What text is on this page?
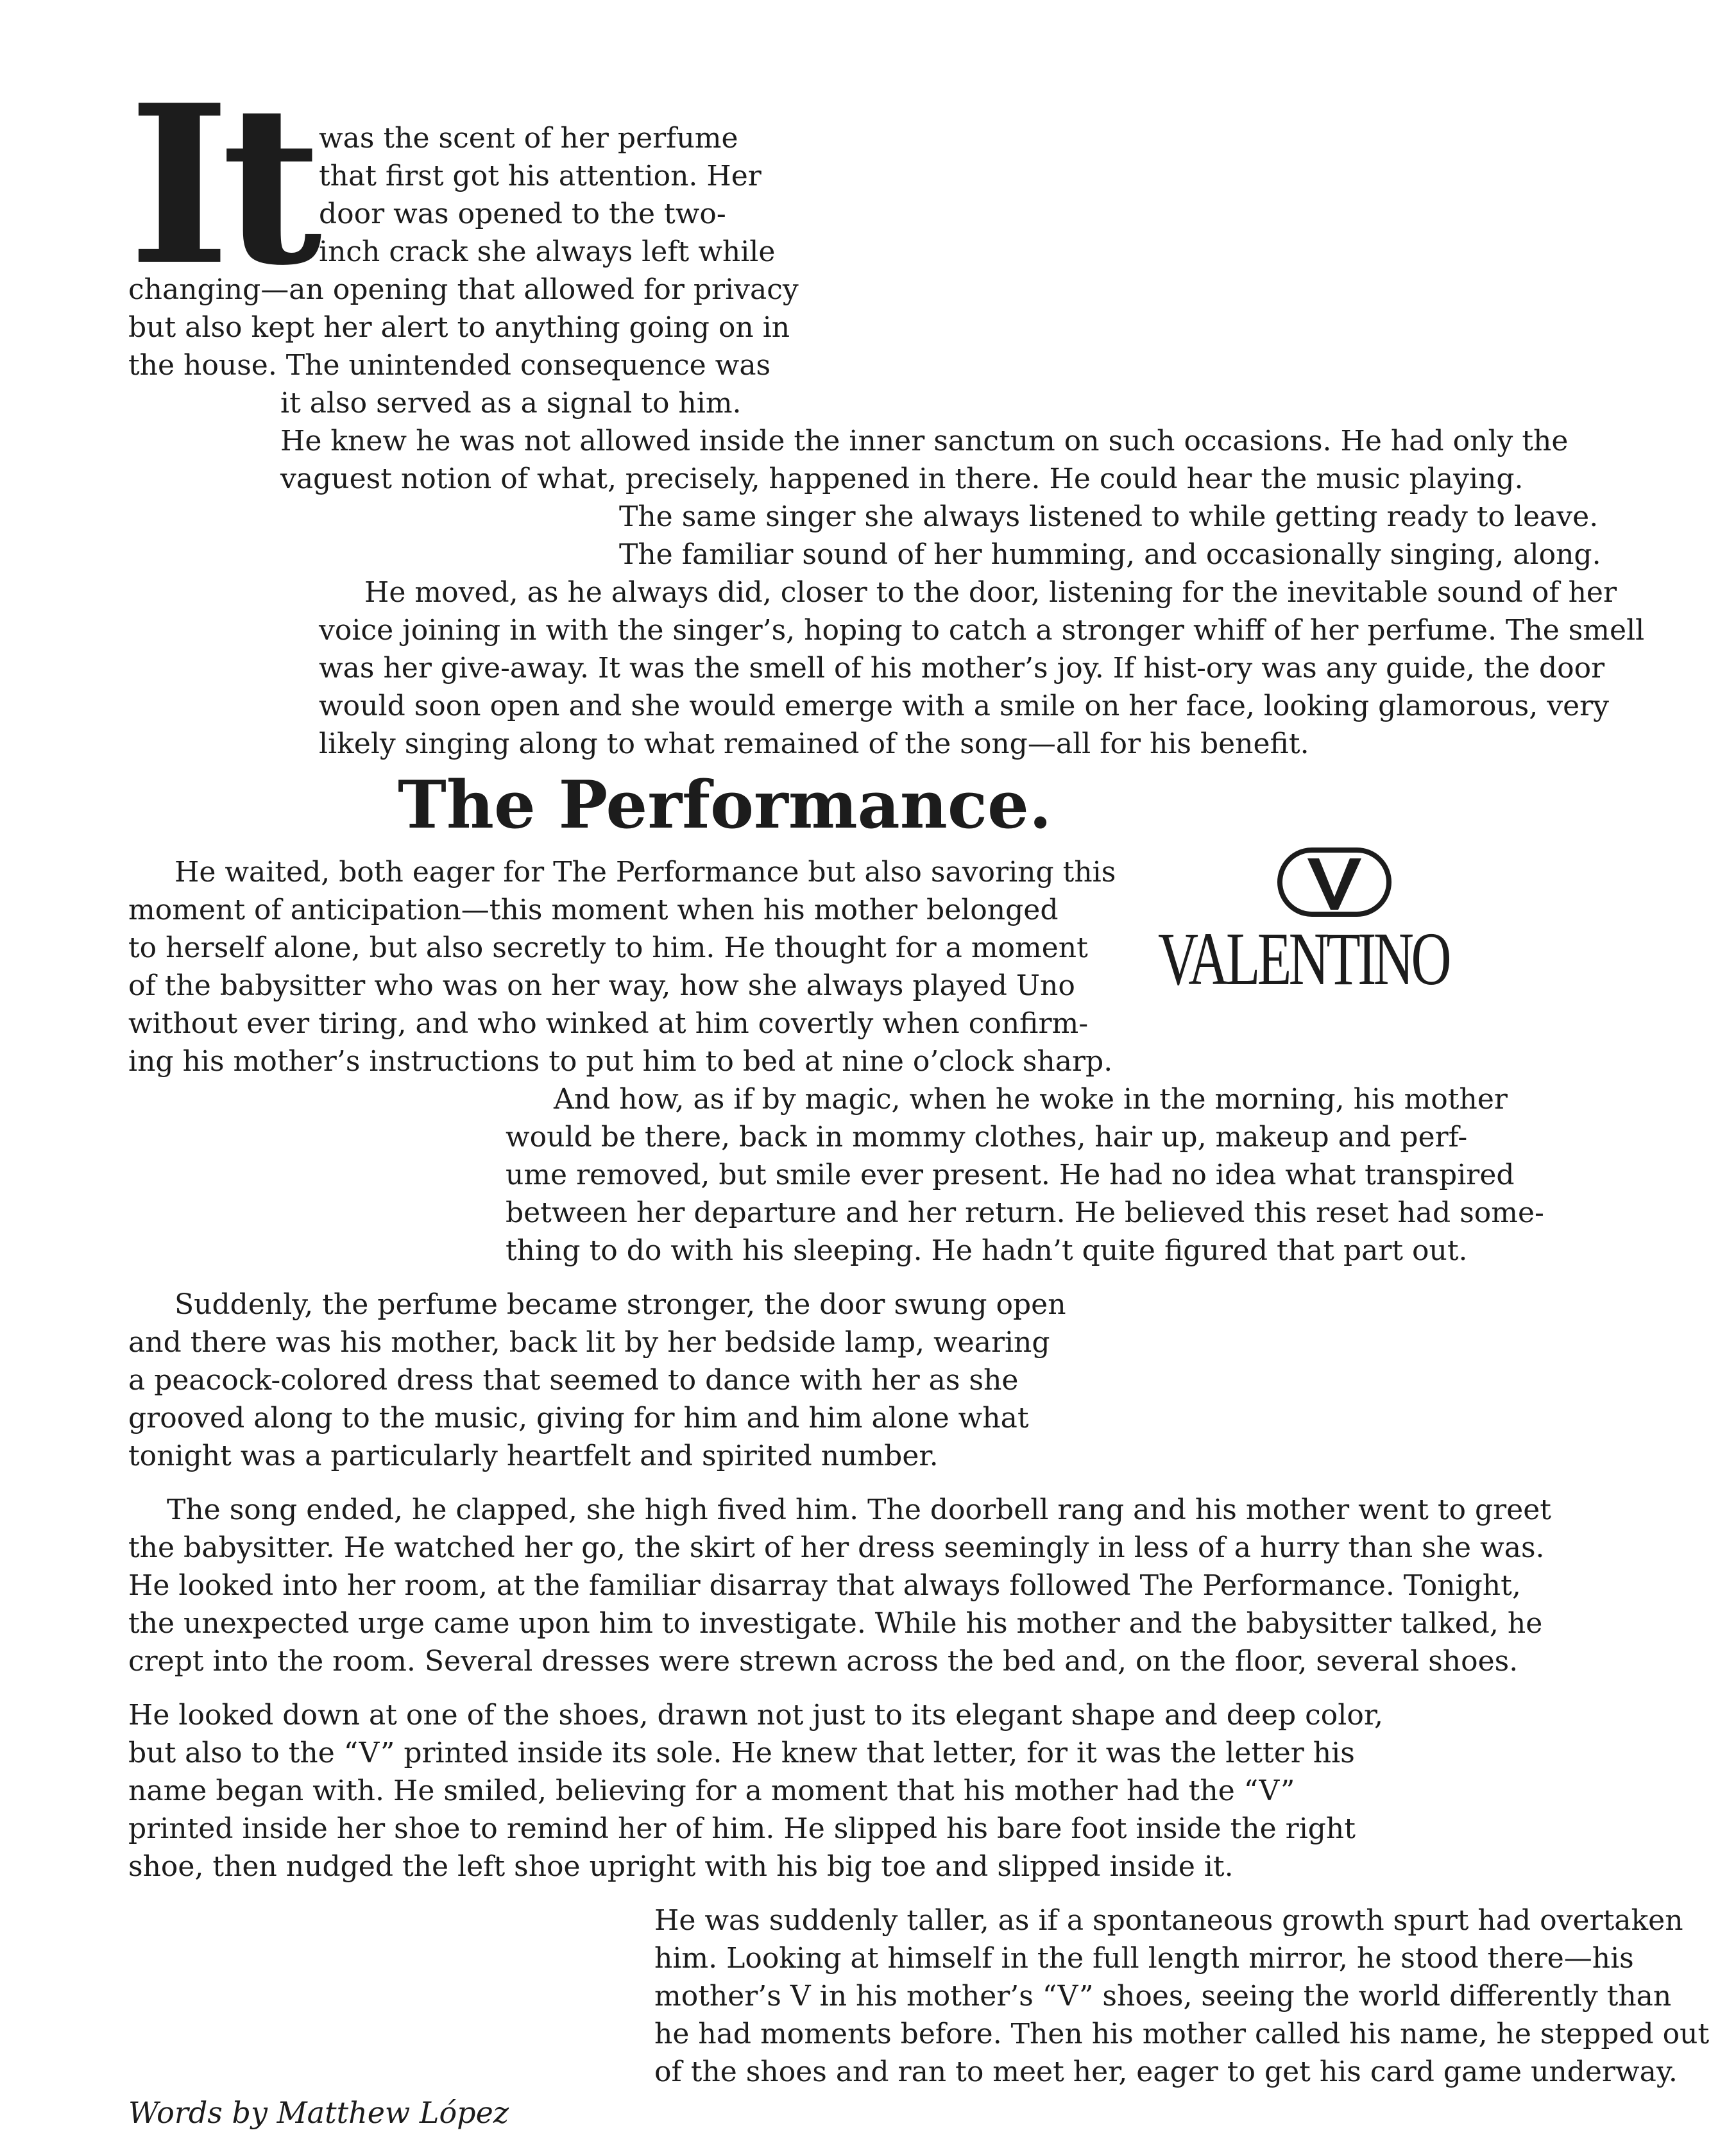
It was the scent of her perfume
that first got his attention. Her
door was opened to the two-
inch crack she always left while
changing—an opening that allowed for privacy
but also kept her alert to anything going on in
the house. The unintended consequence was
it also served as a signal to him.
He knew he was not allowed inside the inner sanctum on such occasions. He had only the
vaguest notion of what, precisely, happened in there. He could hear the music playing.
The same singer she always listened to while getting ready to leave.
The familiar sound of her humming, and occasionally singing, along.
He moved, as he always did, closer to the door, listening for the inevitable sound of her
voice joining in with the singer’s, hoping to catch a stronger whiff of her perfume. The smell
was her give-away. It was the smell of his mother’s joy. If hist-ory was any guide, the door
would soon open and she would emerge with a smile on her face, looking glamorous, very
likely singing along to what remained of the song—all for his benefit.
The Performance.
VALENTINO
He waited, both eager for The Performance but also savoring this
moment of anticipation—this moment when his mother belonged
to herself alone, but also secretly to him. He thought for a moment
of the babysitter who was on her way, how she always played Uno
without ever tiring, and who winked at him covertly when confirm-
ing his mother’s instructions to put him to bed at nine o’clock sharp.
And how, as if by magic, when he woke in the morning, his mother
would be there, back in mommy clothes, hair up, makeup and perf-
ume removed, but smile ever present. He had no idea what transpired
between her departure and her return. He believed this reset had some-
thing to do with his sleeping. He hadn’t quite figured that part out.
Suddenly, the perfume became stronger, the door swung open
and there was his mother, back lit by her bedside lamp, wearing
a peacock-colored dress that seemed to dance with her as she
grooved along to the music, giving for him and him alone what
tonight was a particularly heartfelt and spirited number.
The song ended, he clapped, she high fived him. The doorbell rang and his mother went to greet
the babysitter. He watched her go, the skirt of her dress seemingly in less of a hurry than she was.
He looked into her room, at the familiar disarray that always followed The Performance. Tonight,
the unexpected urge came upon him to investigate. While his mother and the babysitter talked, he
crept into the room. Several dresses were strewn across the bed and, on the floor, several shoes.
He looked down at one of the shoes, drawn not just to its elegant shape and deep color,
but also to the “V” printed inside its sole. He knew that letter, for it was the letter his
name began with. He smiled, believing for a moment that his mother had the “V”
printed inside her shoe to remind her of him. He slipped his bare foot inside the right
shoe, then nudged the left shoe upright with his big toe and slipped inside it.
He was suddenly taller, as if a spontaneous growth spurt had overtaken
him. Looking at himself in the full length mirror, he stood there—his
mother’s V in his mother’s “V” shoes, seeing the world differently than
he had moments before. Then his mother called his name, he stepped out
of the shoes and ran to meet her, eager to get his card game underway.
Words by Matthew López
